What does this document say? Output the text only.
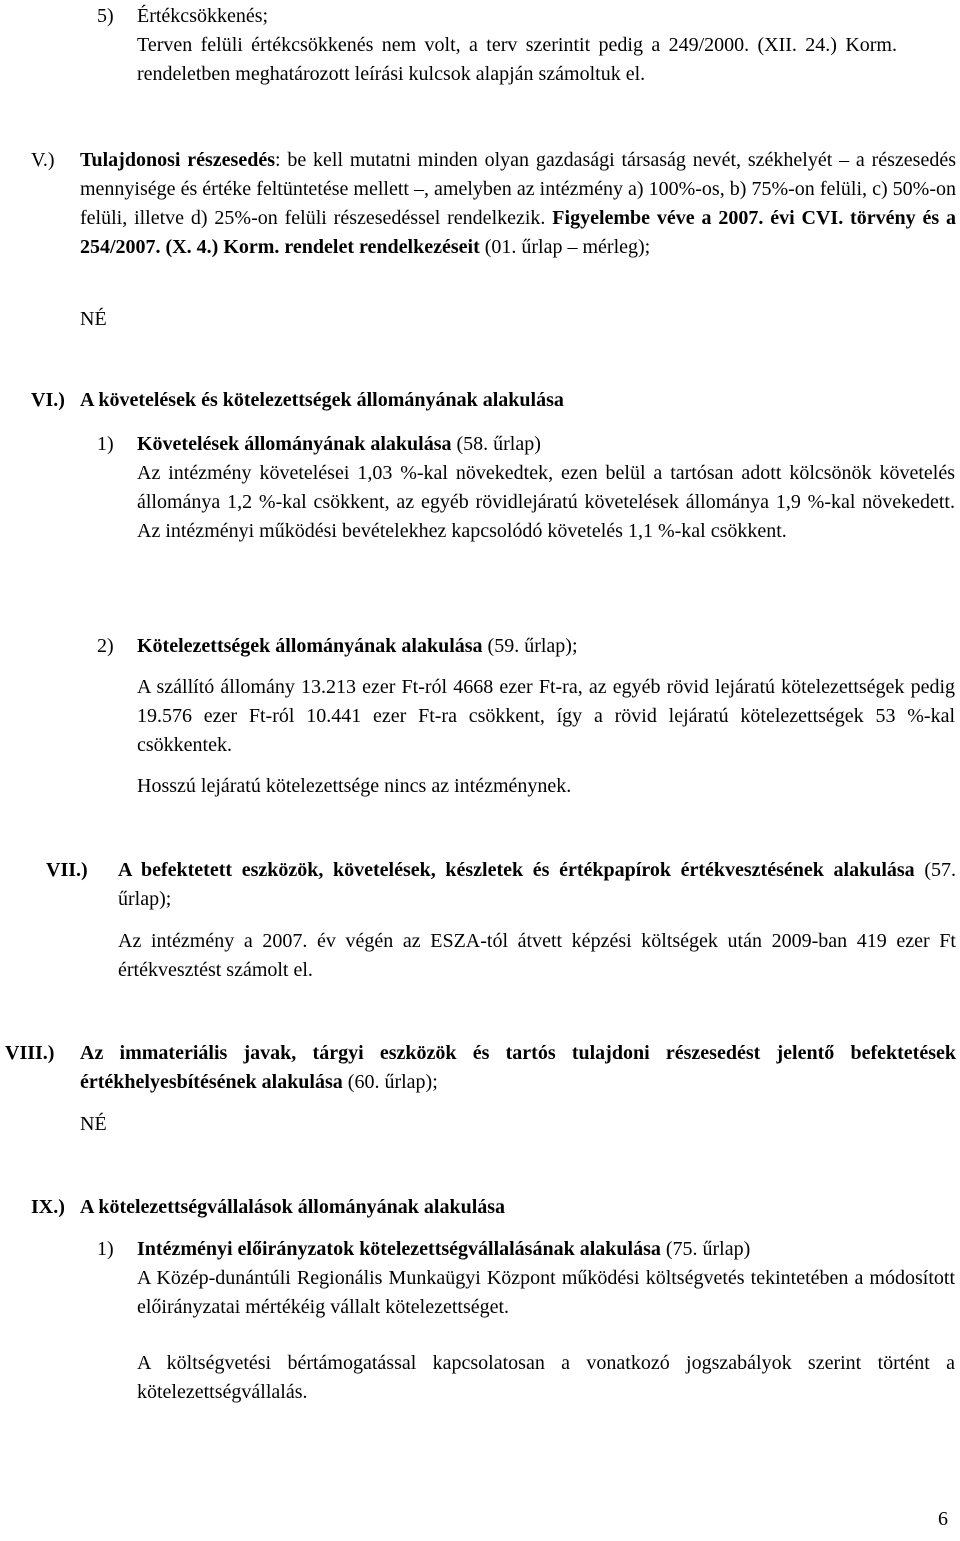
5) Értékcsökkenés;
Terven felüli értékcsökkenés nem volt, a terv szerintit pedig a 249/2000. (XII. 24.) Korm. rendeletben meghatározott leírási kulcsok alapján számoltuk el.
V.) Tulajdonosi részesedés: be kell mutatni minden olyan gazdasági társaság nevét, székhelyét – a részesedés mennyisége és értéke feltüntetése mellett –, amelyben az intézmény a) 100%-os, b) 75%-on felüli, c) 50%-on felüli, illetve d) 25%-on felüli részesedéssel rendelkezik. Figyelembe véve a 2007. évi CVI. törvény és a 254/2007. (X. 4.) Korm. rendelet rendelkezéseit (01. űrlap – mérleg);
NÉ
VI.) A követelések és kötelezettségek állományának alakulása
1) Követelések állományának alakulása (58. űrlap)
Az intézmény követelései 1,03 %-kal növekedtek, ezen belül a tartósan adott kölcsönök követelés állománya 1,2 %-kal csökkent, az egyéb rövidlejáratú követelések állománya 1,9 %-kal növekedett. Az intézményi működési bevételekhez kapcsolódó követelés 1,1 %-kal csökkent.
2) Kötelezettségek állományának alakulása (59. űrlap);
A szállító állomány 13.213 ezer Ft-ról 4668 ezer Ft-ra, az egyéb rövid lejáratú kötelezettségek pedig 19.576 ezer Ft-ról 10.441 ezer Ft-ra csökkent, így a rövid lejáratú kötelezettségek 53 %-kal csökkentek.
Hosszú lejáratú kötelezettsége nincs az intézménynek.
VII.) A befektetett eszközök, követelések, készletek és értékpapírok értékvesztésének alakulása (57. űrlap);
Az intézmény a 2007. év végén az ESZA-tól átvett képzési költségek után 2009-ban 419 ezer Ft értékvesztést számolt el.
VIII.) Az immateriális javak, tárgyi eszközök és tartós tulajdoni részesedést jelentő befektetések értékhelyesbítésének alakulása (60. űrlap);
NÉ
IX.) A kötelezettségvállalások állományának alakulása
1) Intézményi előirányzatok kötelezettségvállalásának alakulása (75. űrlap)
A Közép-dunántúli Regionális Munkaügyi Központ működési költségvetés tekintetében a módosított előirányzatai mértékéig vállalt kötelezettséget.
A költségvetési bértámogatással kapcsolatosan a vonatkozó jogszabályok szerint történt a kötelezettségvállalás.
6
